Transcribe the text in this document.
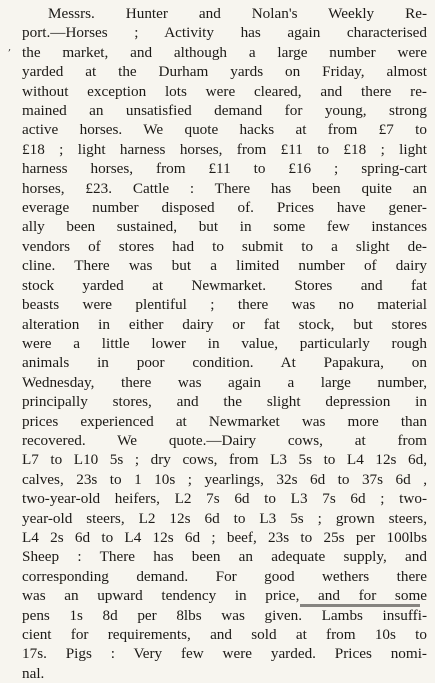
,
Messrs. Hunter and Nolan's Weekly Re-
port.—Horses ; Activity has again characterised
the market, and although a large number were
yarded at the Durham yards on Friday, almost
without exception lots were cleared, and there re-
mained an unsatisfied demand for young, strong
active horses. We quote hacks at from £7 to
£18 ; light harness horses, from £11 to £18 ; light
harness horses, from £11 to £16 ; spring-cart
horses, £23. Cattle : There has been quite an
everage number disposed of. Prices have gener-
ally been sustained, but in some few instances
vendors of stores had to submit to a slight de-
cline. There was but a limited number of dairy
stock yarded at Newmarket. Stores and fat
beasts were plentiful ; there was no material
alteration in either dairy or fat stock, but stores
were a little lower in value, particularly rough
animals in poor condition. At Papakura, on
Wednesday, there was again a large number,
principally stores, and the slight depression in
prices experienced at Newmarket was more than
recovered. We quote.—Dairy cows, at from
L7 to L10 5s ; dry cows, from L3 5s to L4 12s 6d,
calves, 23s to 1 10s ; yearlings, 32s 6d to 37s 6d ,
two-year-old heifers, L2 7s 6d to L3 7s 6d ; two-
year-old steers, L2 12s 6d to L3 5s ; grown steers,
L4 2s 6d to L4 12s 6d ; beef, 23s to 25s per 100lbs
Sheep : There has been an adequate supply, and
corresponding demand. For good wethers there
was an upward tendency in price, and for some
pens 1s 8d per 8lbs was given. Lambs insuffi-
cient for requirements, and sold at from 10s to
17s. Pigs : Very few were yarded. Prices nomi-
nal.
